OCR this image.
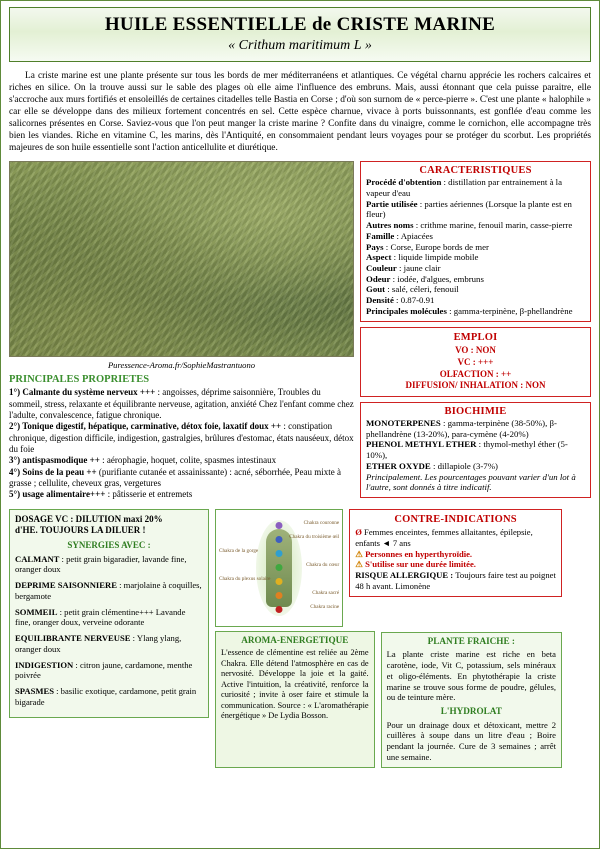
HUILE ESSENTIELLE de CRISTE MARINE
« Crithum maritimum L »
La criste marine est une plante présente sur tous les bords de mer méditerranéens et atlantiques. Ce végétal charnu apprécie les rochers calcaires et riches en silice. On la trouve aussi sur le sable des plages où elle aime l'influence des embruns. Mais, aussi étonnant que cela puisse paraitre, elle s'accroche aux murs fortifiés et ensoleillés de certaines citadelles telle Bastia en Corse ; d'où son surnom de « perce-pierre ». C'est une plante « halophile » car elle se développe dans des milieux fortement concentrés en sel. Cette espèce charnue, vivace à ports buissonnants, est gonflée d'eau comme les salicornes présentes en Corse. Saviez-vous que l'on peut manger la criste marine ? Confite dans du vinaigre, comme le cornichon, elle accompagne très bien les viandes. Riche en vitamine C, les marins, dès l'Antiquité, en consommaient pendant leurs voyages pour se protéger du scorbut. Les propriétés majeures de son huile essentielle sont l'action anticellulite et diurétique.
Puressence-Aroma.fr/SophieMastrantuono
PRINCIPALES PROPRIETES
1°) Calmante du système nerveux +++ : angoisses, déprime saisonnière, Troubles du sommeil, stress, relaxante et équilibrante nerveuse, agitation, anxiété Chez l'enfant comme chez l'adulte, convalescence, fatigue chronique.
2°) Tonique digestif, hépatique, carminative, détox foie, laxatif doux ++ : constipation chronique, digestion difficile, indigestion, gastralgies, brûlures d'estomac, états nauséeux, détox du foie
3°) antispasmodique ++ : aérophagie, hoquet, colite, spasmes intestinaux
4°) Soins de la peau ++ (purifiante cutanée et assainissante) : acné, séborrhée, Peau mixte à grasse ; cellulite, cheveux gras, vergetures
5°) usage alimentaire+++ : pâtisserie et entremets
CARACTERISTIQUES
Procédé d'obtention : distillation par entrainement à la vapeur d'eau
Partie utilisée : parties aériennes (Lorsque la plante est en fleur)
Autres noms : crithme marine, fenouil marin, casse-pierre
Famille : Apiacées
Pays : Corse, Europe bords de mer
Aspect : liquide limpide mobile
Couleur : jaune clair
Odeur : iodée, d'algues, embruns
Gout : salé, céleri, fenouil
Densité : 0.87-0.91
Principales molécules : gamma-terpinène, β-phellandrène
EMPLOI
VO : NON
VC : +++
OLFACTION : ++
DIFFUSION/ INHALATION : NON
BIOCHIMIE
MONOTERPENES : gamma-terpinène (38-50%), β-phellandrène (13-20%), para-cymène (4-20%)
PHENOL METHYL ETHER : thymol-methyl éther (5-10%),
ETHER OXYDE : dillapiole (3-7%)
Principalement. Les pourcentages pouvant varier d'un lot à l'autre, sont donnés à titre indicatif.
DOSAGE VC : DILUTION maxi 20%
d'HE. TOUJOURS LA DILUER !
SYNERGIES AVEC :
CALMANT : petit grain bigaradier, lavande fine, oranger doux
DEPRIME SAISONNIERE : marjolaine à coquilles, bergamote
SOMMEIL : petit grain clémentine+++ Lavande fine, oranger doux, verveine odorante
EQUILIBRANTE NERVEUSE : Ylang ylang, oranger doux
INDIGESTION : citron jaune, cardamone, menthe poivrée
SPASMES : basilic exotique, cardamone, petit grain bigarade
Chakra couronne
Chakra du troisième œil
Chakra de la gorge
Chakra du cœur
Chakra du plexus solaire
Chakra sacré
Chakra racine
CONTRE-INDICATIONS
Ø Femmes enceintes, femmes allaitantes, épilepsie, enfants ◄ 7 ans
⚠ Personnes en hyperthyroïdie.
⚠ S'utilise sur une durée limitée.
RISQUE ALLERGIQUE : Toujours faire test au poignet 48 h avant. Limonène
AROMA-ENERGETIQUE
L'essence de clémentine est reliée au 2ème Chakra. Elle détend l'atmosphère en cas de nervosité. Développe la joie et la gaité. Active l'intuition, la créativité, renforce la curiosité ; invite à oser faire et stimule la communication. Source : « L'aromathérapie énergétique » De Lydia Bosson.
PLANTE FRAICHE :
La plante criste marine est riche en beta carotène, iode, Vit C, potassium, sels minéraux et oligo-éléments. En phytothérapie la criste marine se trouve sous forme de poudre, gélules, ou de teinture mère.
L'HYDROLAT
Pour un drainage doux et détoxicant, mettre 2 cuillères à soupe dans un litre d'eau ; Boire pendant la journée. Cure de 3 semaines ; arrêt une semaine.
